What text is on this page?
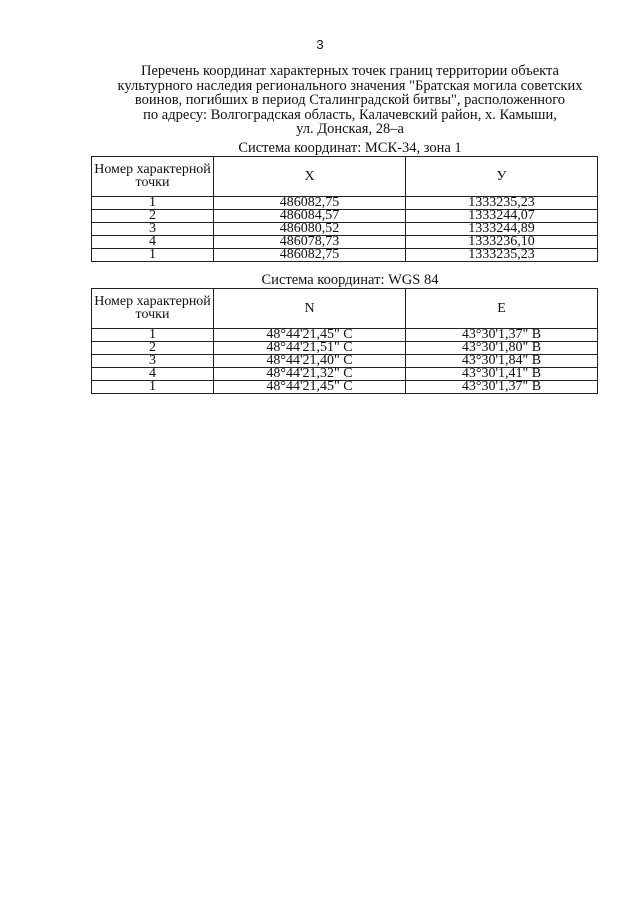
3
Перечень координат характерных точек границ территории объекта
культурного наследия регионального значения "Братская могила советских
воинов, погибших в период Сталинградской битвы", расположенного
по адресу: Волгоградская область, Калачевский район, х. Камыши,
ул. Донская, 28–а
Система координат: МСК-34, зона 1
Номер характерной точки	X	У
1	486082,75	1333235,23
2	486084,57	1333244,07
3	486080,52	1333244,89
4	486078,73	1333236,10
1	486082,75	1333235,23
Система координат: WGS 84
Номер характерной точки	N	E
1	48°44'21,45" С	43°30'1,37" В
2	48°44'21,51" С	43°30'1,80" В
3	48°44'21,40" С	43°30'1,84" В
4	48°44'21,32" С	43°30'1,41" В
1	48°44'21,45" С	43°30'1,37" В
